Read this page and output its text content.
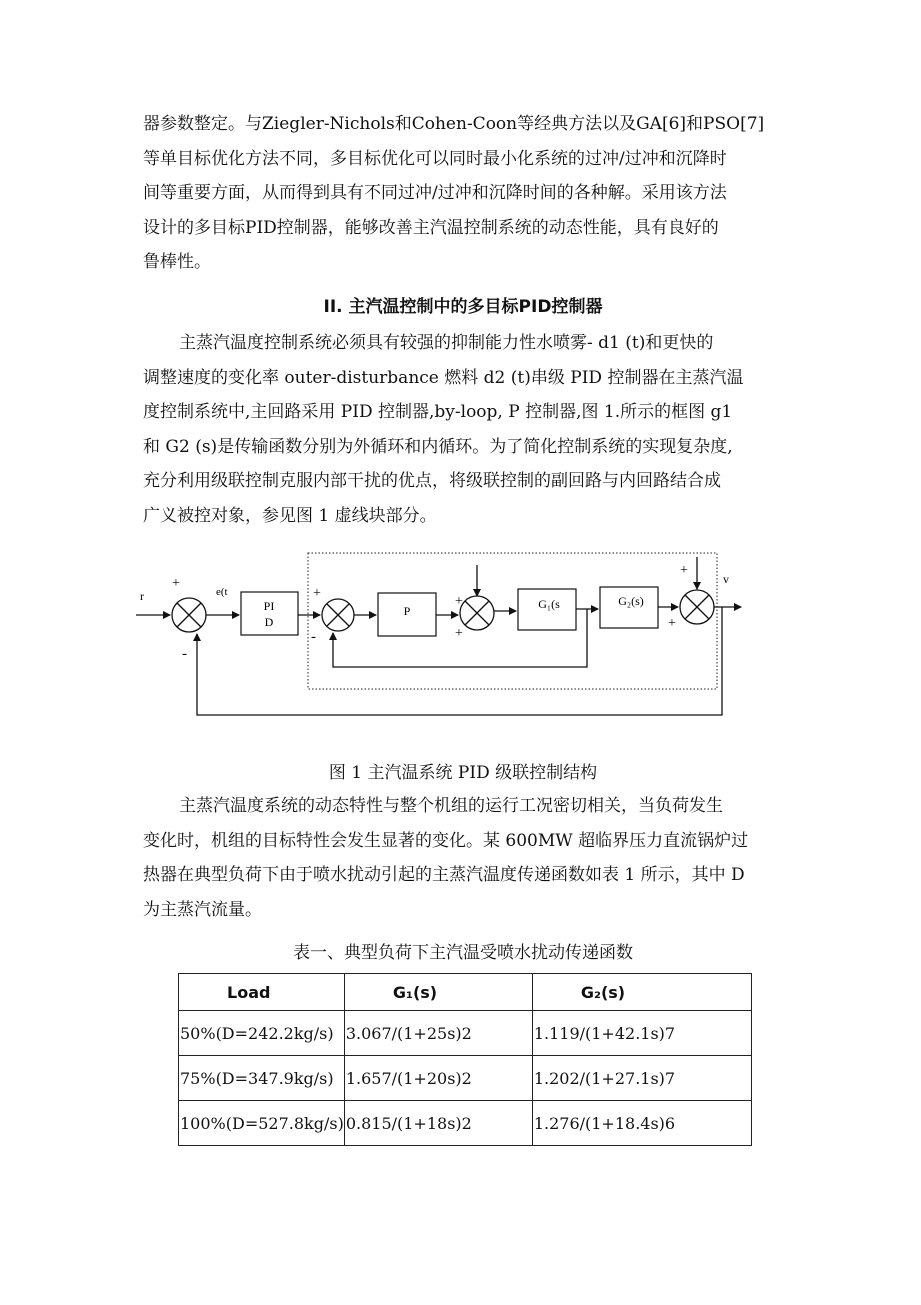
器参数整定。与Ziegler-Nichols和Cohen-Coon等经典方法以及GA[6]和PSO[7]
等单目标优化方法不同，多目标优化可以同时最小化系统的过冲/过冲和沉降时
间等重要方面，从而得到具有不同过冲/过冲和沉降时间的各种解。采用该方法
设计的多目标PID控制器，能够改善主汽温控制系统的动态性能，具有良好的
鲁棒性。
II. 主汽温控制中的多目标PID控制器
主蒸汽温度控制系统必须具有较强的抑制能力性水喷雾- d1 (t)和更快的
调整速度的变化率 outer-disturbance 燃料 d2 (t)串级 PID 控制器在主蒸汽温
度控制系统中,主回路采用 PID 控制器,by-loop, P 控制器,图 1.所示的框图 g1
和 G2 (s)是传输函数分别为外循环和内循环。为了简化控制系统的实现复杂度,
充分利用级联控制克服内部干扰的优点，将级联控制的副回路与内回路结合成
广义被控对象，参见图 1 虚线块部分。
r
+
-
e(t
PI
D
+
-
P
+
+
G₁(s	G₂(s)
+
+
v
图 1 主汽温系统 PID 级联控制结构
主蒸汽温度系统的动态特性与整个机组的运行工况密切相关，当负荷发生
变化时，机组的目标特性会发生显著的变化。某 600MW 超临界压力直流锅炉过
热器在典型负荷下由于喷水扰动引起的主蒸汽温度传递函数如表 1 所示，其中 D
为主蒸汽流量。
表一、典型负荷下主汽温受喷水扰动传递函数
Load	G₁(s)	G₂(s)
50%(D=242.2kg/s)	3.067/(1+25s)2	1.119/(1+42.1s)7
75%(D=347.9kg/s)	1.657/(1+20s)2	1.202/(1+27.1s)7
100%(D=527.8kg/s)	0.815/(1+18s)2	1.276/(1+18.4s)6
